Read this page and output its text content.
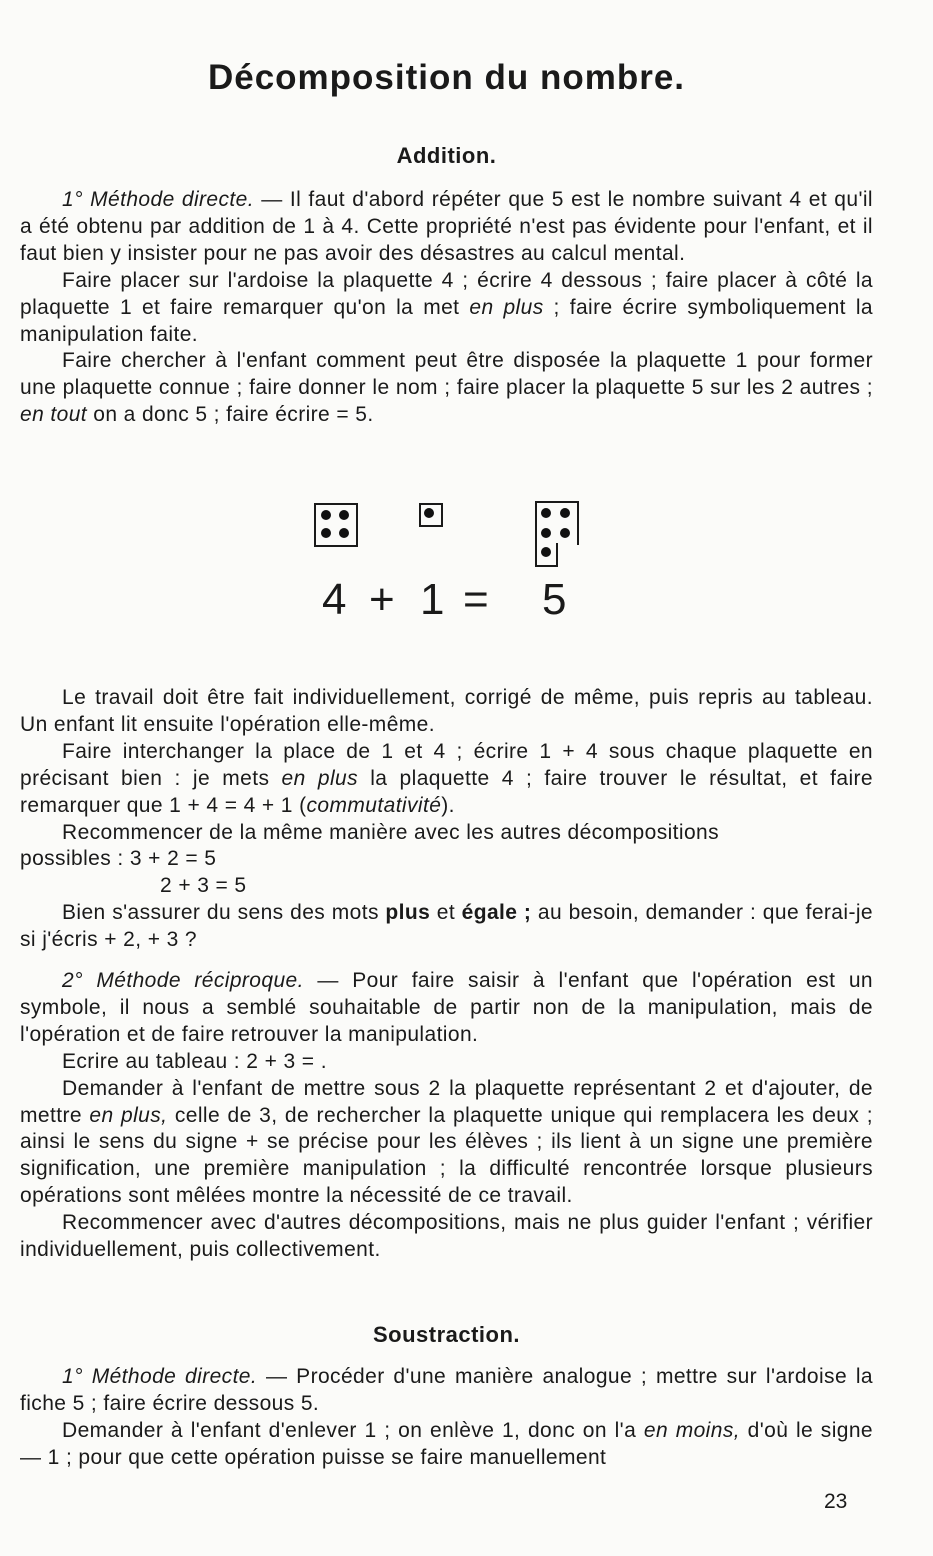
Décomposition du nombre.
Addition.

1° Méthode directe. — Il faut d'abord répéter que 5 est le nombre suivant 4 et qu'il a été obtenu par addition de 1 à 4. Cette propriété n'est pas évidente pour l'enfant, et il faut bien y insister pour ne pas avoir des désastres au calcul mental.

Faire placer sur l'ardoise la plaquette 4 ; écrire 4 dessous ; faire placer à côté la plaquette 1 et faire remarquer qu'on la met en plus ; faire écrire symboliquement la manipulation faite.

Faire chercher à l'enfant comment peut être disposée la plaquette 1 pour former une plaquette connue ; faire donner le nom ; faire placer la plaquette 5 sur les 2 autres ; en tout on a donc 5 ; faire écrire = 5.

4 + 1 = 5

Le travail doit être fait individuellement, corrigé de même, puis repris au tableau. Un enfant lit ensuite l'opération elle-même.

Faire interchanger la place de 1 et 4 ; écrire 1 + 4 sous chaque plaquette en précisant bien : je mets en plus la plaquette 4 ; faire trouver le résultat, et faire remarquer que 1 + 4 = 4 + 1 (commutativité).

Recommencer de la même manière avec les autres décompositions

possibles : 3 + 2 = 5

2 + 3 = 5

Bien s'assurer du sens des mots plus et égale ; au besoin, demander : que ferai-je si j'écris + 2, + 3 ?

2° Méthode réciproque. — Pour faire saisir à l'enfant que l'opération est un symbole, il nous a semblé souhaitable de partir non de la manipulation, mais de l'opération et de faire retrouver la manipulation.

Ecrire au tableau : 2 + 3 = .

Demander à l'enfant de mettre sous 2 la plaquette représentant 2 et d'ajouter, de mettre en plus, celle de 3, de rechercher la plaquette unique qui remplacera les deux ; ainsi le sens du signe + se précise pour les élèves ; ils lient à un signe une première signification, une première manipulation ; la difficulté rencontrée lorsque plusieurs opérations sont mêlées montre la nécessité de ce travail.

Recommencer avec d'autres décompositions, mais ne plus guider l'enfant ; vérifier individuellement, puis collectivement.

Soustraction.

1° Méthode directe. — Procéder d'une manière analogue ; mettre sur l'ardoise la fiche 5 ; faire écrire dessous 5.

Demander à l'enfant d'enlever 1 ; on enlève 1, donc on l'a en moins, d'où le signe — 1 ; pour que cette opération puisse se faire manuellement

23
